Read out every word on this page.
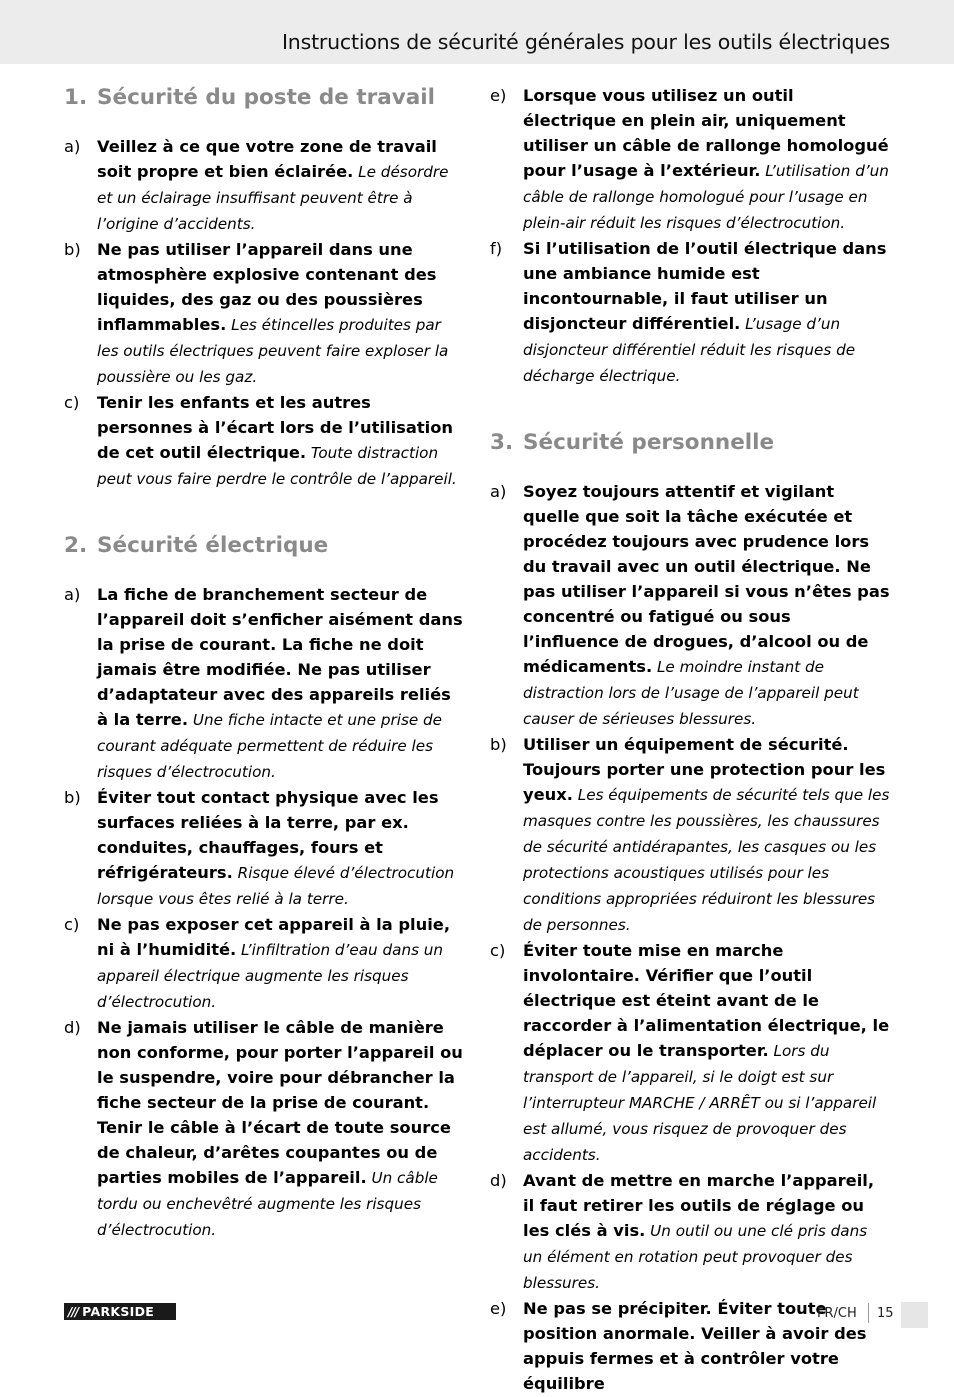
Instructions de sécurité générales pour les outils électriques
1. Sécurité du poste de travail
a)	Veillez à ce que votre zone de travail soit propre et bien éclairée. Le désordre et un éclairage insuffisant peuvent être à l’origine d’accidents.
b)	Ne pas utiliser l’appareil dans une atmosphère explosive contenant des liquides, des gaz ou des poussières inflammables. Les étincelles produites par les outils électriques peuvent faire exploser la poussière ou les gaz.
c)	Tenir les enfants et les autres personnes à l’écart lors de l’utilisation de cet outil électrique. Toute distraction peut vous faire perdre le contrôle de l’appareil.
2. Sécurité électrique
a)	La fiche de branchement secteur de l’appareil doit s’enficher aisément dans la prise de courant. La fiche ne doit jamais être modifiée. Ne pas utiliser d’adaptateur avec des appareils reliés à la terre. Une fiche intacte et une prise de courant adéquate permettent de réduire les risques d’électrocution.
b)	Éviter tout contact physique avec les surfaces reliées à la terre, par ex. conduites, chauffages, fours et réfrigérateurs. Risque élevé d’électrocution lorsque vous êtes relié à la terre.
c)	Ne pas exposer cet appareil à la pluie, ni à l’humidité. L’infiltration d’eau dans un appareil électrique augmente les risques d’électrocution.
d)	Ne jamais utiliser le câble de manière non conforme, pour porter l’appareil ou le suspendre, voire pour débrancher la fiche secteur de la prise de courant. Tenir le câble à l’écart de toute source de chaleur, d’arêtes coupantes ou de parties mobiles de l’appareil. Un câble tordu ou enchevêtré augmente les risques d’électrocution.
e)	Lorsque vous utilisez un outil électrique en plein air, uniquement utiliser un câble de rallonge homologué pour l’usage à l’extérieur. L’utilisation d’un câble de rallonge homologué pour l’usage en plein-air réduit les risques d’électrocution.
f)	Si l’utilisation de l’outil électrique dans une ambiance humide est incontournable, il faut utiliser un disjoncteur différentiel. L’usage d’un disjoncteur différentiel réduit les risques de décharge électrique.
3. Sécurité personnelle
a)	Soyez toujours attentif et vigilant quelle que soit la tâche exécutée et procédez toujours avec prudence lors du travail avec un outil électrique. Ne pas utiliser l’appareil si vous n’êtes pas concentré ou fatigué ou sous l’influence de drogues, d’alcool ou de médicaments. Le moindre instant de distraction lors de l’usage de l’appareil peut causer de sérieuses blessures.
b)	Utiliser un équipement de sécurité. Toujours porter une protection pour les yeux. Les équipements de sécurité tels que les masques contre les poussières, les chaussures de sécurité antidérapantes, les casques ou les protections acoustiques utilisés pour les conditions appropriées réduiront les blessures de personnes.
c)	Éviter toute mise en marche involontaire. Vérifier que l’outil électrique est éteint avant de le raccorder à l’alimentation électrique, le déplacer ou le transporter. Lors du transport de l’appareil, si le doigt est sur l’interrupteur MARCHE / ARRÊT ou si l’appareil est allumé, vous risquez de provoquer des accidents.
d)	Avant de mettre en marche l’appareil, il faut retirer les outils de réglage ou les clés à vis. Un outil ou une clé pris dans un élément en rotation peut provoquer des blessures.
e)	Ne pas se précipiter. Éviter toute position anormale. Veiller à avoir des appuis fermes et à contrôler votre équilibre
/// PARKSIDE	FR/CH 15
